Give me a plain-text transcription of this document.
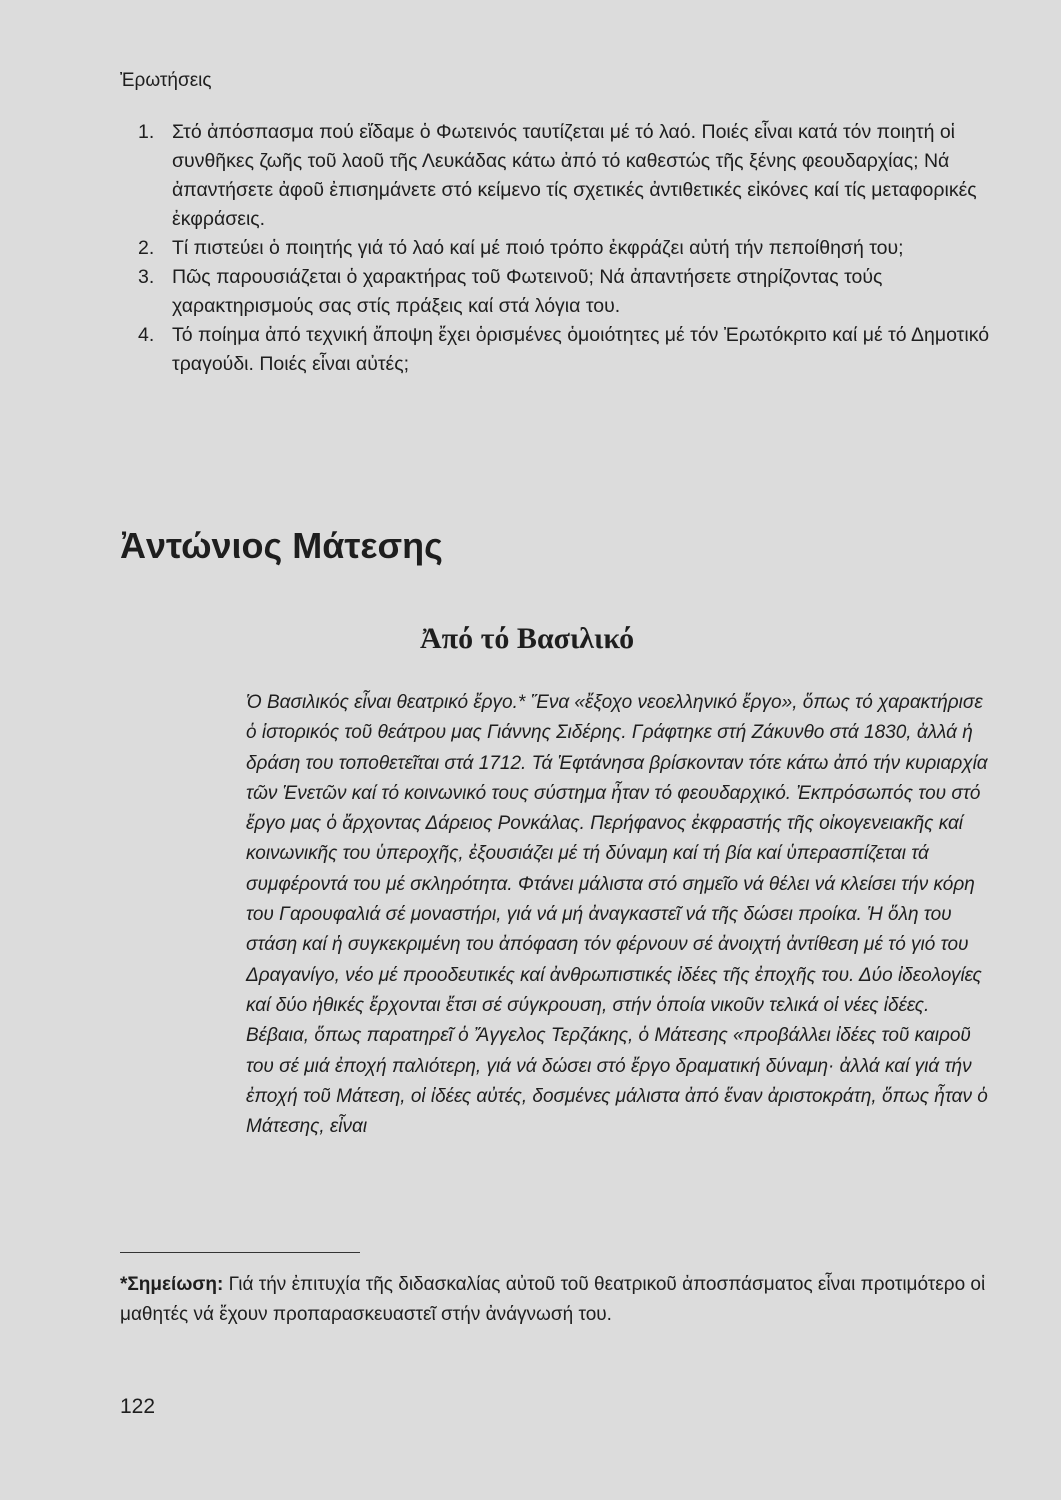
Ἐρωτήσεις
1. Στό ἀπόσπασμα πού εἴδαμε ὁ Φωτεινός ταυτίζεται μέ τό λαό. Ποιές εἶναι κατά τόν ποιητή οἱ συνθῆκες ζωῆς τοῦ λαοῦ τῆς Λευκάδας κάτω ἀπό τό καθεστώς τῆς ξένης φεουδαρχίας; Νά ἀπαντήσετε ἀφοῦ ἐπισημάνετε στό κείμενο τίς σχετικές ἀντιθετικές εἰκόνες καί τίς μεταφορικές ἐκφράσεις.
2. Τί πιστεύει ὁ ποιητής γιά τό λαό καί μέ ποιό τρόπο ἐκφράζει αὐτή τήν πεποίθησή του;
3. Πῶς παρουσιάζεται ὁ χαρακτήρας τοῦ Φωτεινοῦ; Νά ἀπαντήσετε στηρίζοντας τούς χαρακτηρισμούς σας στίς πράξεις καί στά λόγια του.
4. Τό ποίημα ἀπό τεχνική ἄποψη ἔχει ὁρισμένες ὁμοιότητες μέ τόν Ἐρωτόκριτο καί μέ τό Δημοτικό τραγούδι. Ποιές εἶναι αὐτές;
Ἀντώνιος Μάτεσης
Ἀπό τό Βασιλικό

Ὁ Βασιλικός εἶναι θεατρικό ἔργο.* Ἕνα «ἔξοχο νεοελληνικό ἔργο», ὅπως τό χαρακτήρισε ὁ ἱστορικός τοῦ θεάτρου μας Γιάννης Σιδέρης. Γράφτηκε στή Ζάκυνθο στά 1830, ἀλλά ἡ δράση του τοποθετεῖται στά 1712. Τά Ἑφτάνησα βρίσκονταν τότε κάτω ἀπό τήν κυριαρχία τῶν Ἑνετῶν καί τό κοινωνικό τους σύστημα ἦταν τό φεουδαρχικό. Ἐκπρόσωπός του στό ἔργο μας ὁ ἄρχοντας Δάρειος Ρονκάλας. Περήφανος ἐκφραστής τῆς οἰκογενειακῆς καί κοινωνικῆς του ὑπεροχῆς, ἐξουσιάζει μέ τή δύναμη καί τή βία καί ὑπερασπίζεται τά συμφέροντά του μέ σκληρότητα. Φτάνει μάλιστα στό σημεῖο νά θέλει νά κλείσει τήν κόρη του Γαρουφαλιά σέ μοναστήρι, γιά νά μή ἀναγκαστεῖ νά τῆς δώσει προίκα. Ἡ ὅλη του στάση καί ἡ συγκεκριμένη του ἀπόφαση τόν φέρνουν σέ ἀνοιχτή ἀντίθεση μέ τό γιό του Δραγανίγο, νέο μέ προοδευτικές καί ἀνθρωπιστικές ἰδέες τῆς ἐποχῆς του. Δύο ἰδεολογίες καί δύο ἠθικές ἔρχονται ἔτσι σέ σύγκρουση, στήν ὁποία νικοῦν τελικά οἱ νέες ἰδέες. Βέβαια, ὅπως παρατηρεῖ ὁ Ἄγγελος Τερζάκης, ὁ Μάτεσης «προβάλλει ἰδέες τοῦ καιροῦ του σέ μιά ἐποχή παλιότερη, γιά νά δώσει στό ἔργο δραματική δύναμη· ἀλλά καί γιά τήν ἐποχή τοῦ Μάτεση, οἱ ἰδέες αὐτές, δοσμένες μάλιστα ἀπό ἕναν ἀριστοκράτη, ὅπως ἦταν ὁ Μάτεσης, εἶναι

*Σημείωση: Γιά τήν ἐπιτυχία τῆς διδασκαλίας αὐτοῦ τοῦ θεατρικοῦ ἀποσπάσματος εἶναι προτιμότερο οἱ μαθητές νά ἔχουν προπαρασκευαστεῖ στήν ἀνάγνωσή του.

122
